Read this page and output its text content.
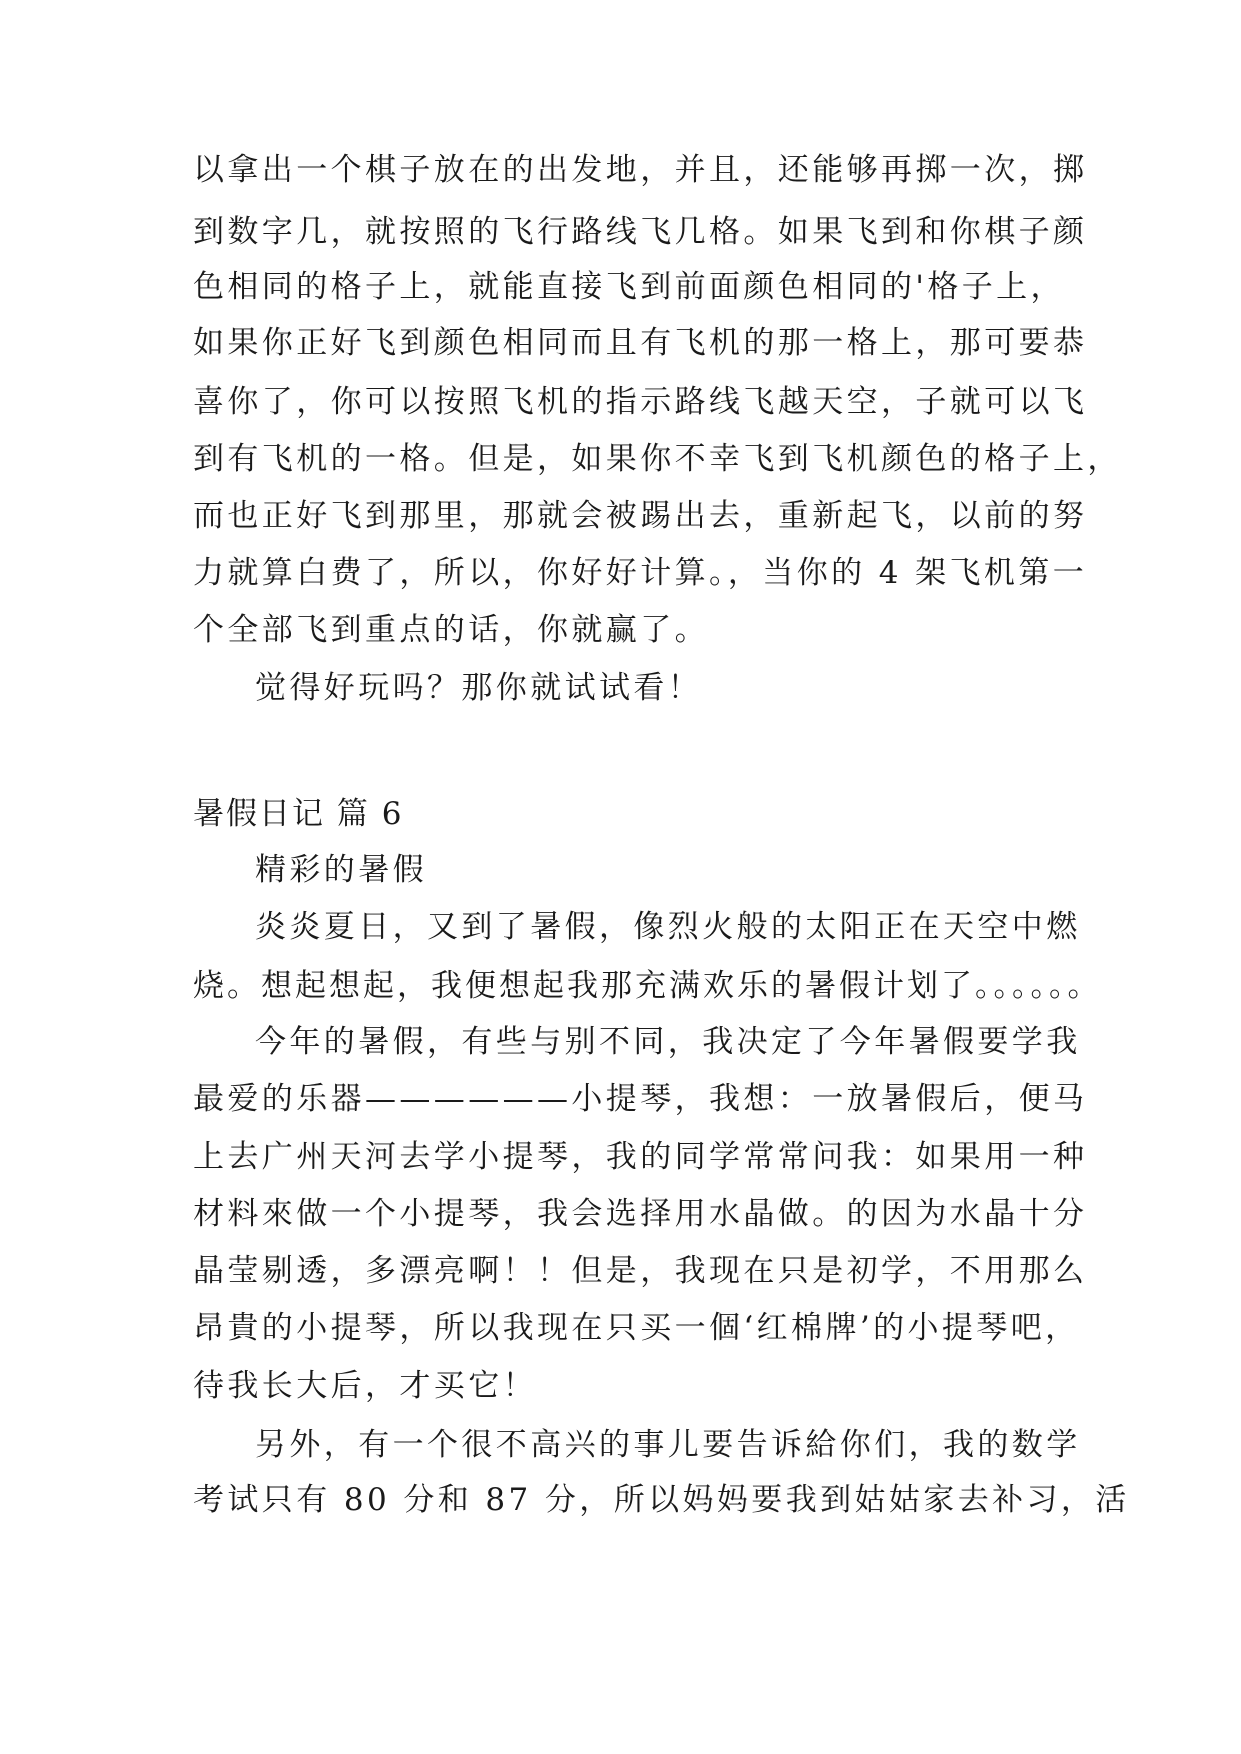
以拿出一个棋子放在的出发地，并且，还能够再掷一次，掷
到数字几，就按照的飞行路线飞几格。如果飞到和你棋子颜
色相同的格子上，就能直接飞到前面颜色相同的'格子上，
如果你正好飞到颜色相同而且有飞机的那一格上，那可要恭
喜你了，你可以按照飞机的指示路线飞越天空，子就可以飞
到有飞机的一格。但是，如果你不幸飞到飞机颜色的格子上，
而也正好飞到那里，那就会被踢出去，重新起飞，以前的努
力就算白费了，所以，你好好计算。，当你的 4 架飞机第一
个全部飞到重点的话，你就赢了。
觉得好玩吗？那你就试试看！
暑假日记 篇 6
精彩的暑假
炎炎夏日，又到了暑假，像烈火般的太阳正在天空中燃
烧。想起想起，我便想起我那充满欢乐的暑假计划了。。。。。。
今年的暑假，有些与别不同，我决定了今年暑假要学我
最爱的乐器——————小提琴，我想：一放暑假后，便马
上去广州天河去学小提琴，我的同学常常问我：如果用一种
材料來做一个小提琴，我会选择用水晶做。的因为水晶十分
晶莹剔透，多漂亮啊！！但是，我现在只是初学，不用那么
昂貴的小提琴，所以我现在只买一個‘红棉牌’的小提琴吧，
待我长大后，才买它！
另外，有一个很不高兴的事儿要告诉給你们，我的数学
考试只有 80 分和 87 分，所以妈妈要我到姑姑家去补习，活
